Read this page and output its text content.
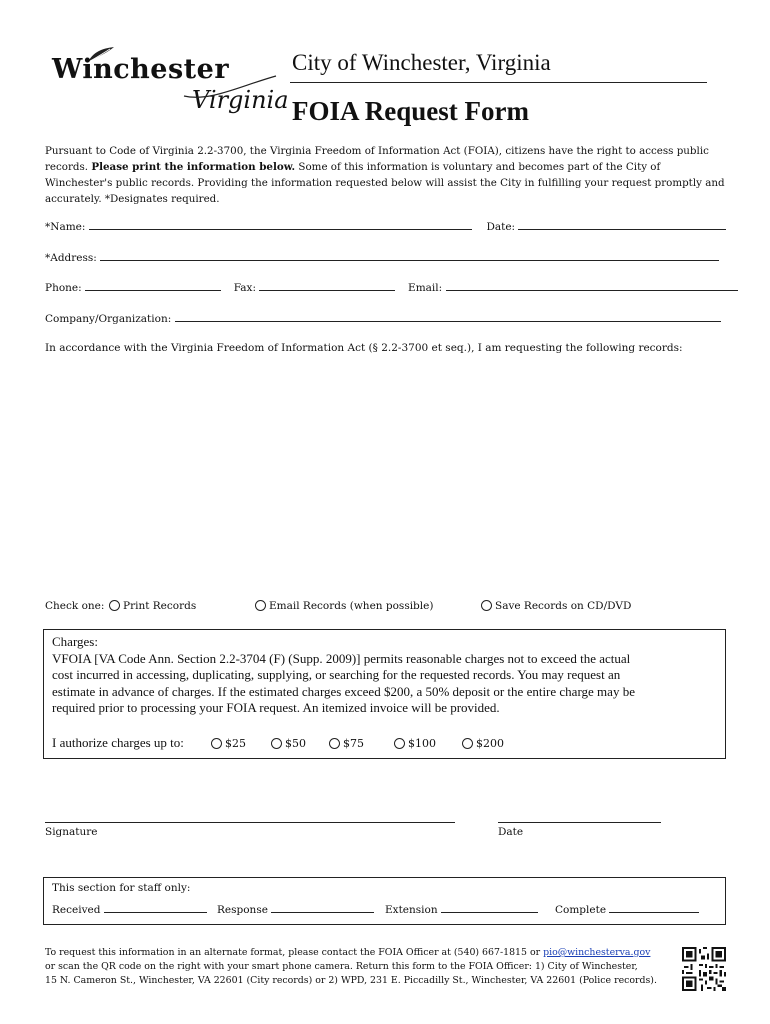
Winchester
Virginia
City of Winchester, Virginia
FOIA Request Form
Pursuant to Code of Virginia 2.2-3700, the Virginia Freedom of Information Act (FOIA), citizens have the right to access public records. Please print the information below. Some of this information is voluntary and becomes part of the City of Winchester's public records. Providing the information requested below will assist the City in fulfilling your request promptly and accurately. *Designates required.
*Name:	Date:
*Address:
Phone:	Fax:	Email:
Company/Organization:
In accordance with the Virginia Freedom of Information Act (§ 2.2-3700 et seq.), I am requesting the following records:
Check one:	Print Records	Email Records (when possible)	Save Records on CD/DVD
Charges:
VFOIA [VA Code Ann. Section 2.2-3704 (F) (Supp. 2009)] permits reasonable charges not to exceed the actual
cost incurred in accessing, duplicating, supplying, or searching for the requested records. You may request an
estimate in advance of charges. If the estimated charges exceed $200, a 50% deposit or the entire charge may be
required prior to processing your FOIA request. An itemized invoice will be provided.
I authorize charges up to:	$25	$50	$75	$100	$200
Signature	Date
This section for staff only:
Received	Response	Extension	Complete
To request this information in an alternate format, please contact the FOIA Officer at (540) 667-1815 or pio@winchesterva.gov
or scan the QR code on the right with your smart phone camera. Return this form to the FOIA Officer: 1) City of Winchester,
15 N. Cameron St., Winchester, VA 22601 (City records) or 2) WPD, 231 E. Piccadilly St., Winchester, VA 22601 (Police records).
